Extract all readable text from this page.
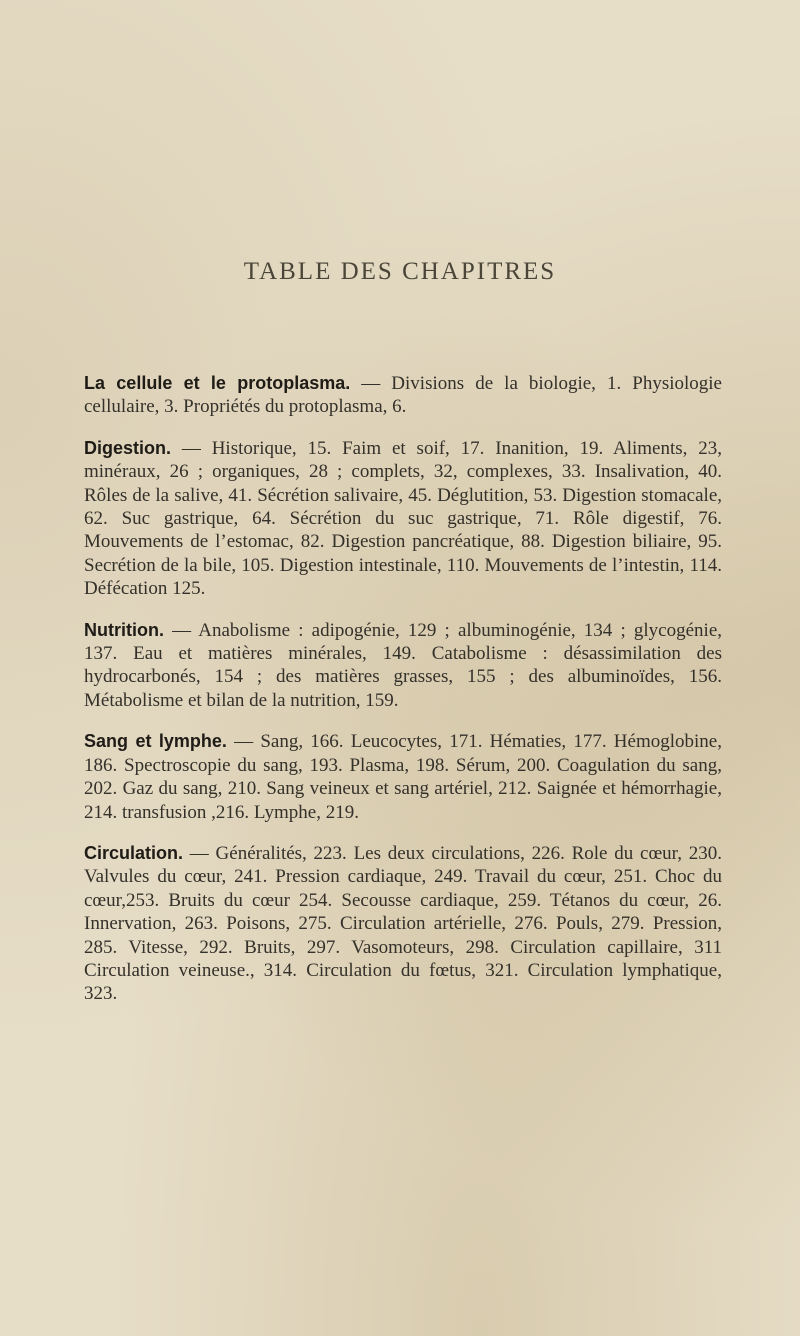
TABLE DES CHAPITRES

La cellule et le protoplasma. — Divisions de la biologie, 1. Physiologie cellulaire, 3. Propriétés du protoplasma, 6.

Digestion. — Historique, 15. Faim et soif, 17. Inanition, 19. Aliments, 23, minéraux, 26 ; organiques, 28 ; complets, 32, complexes, 33. Insalivation, 40. Rôles de la salive, 41. Sécrétion salivaire, 45. Déglutition, 53. Digestion stomacale, 62. Suc gastrique, 64. Sécrétion du suc gastrique, 71. Rôle digestif, 76. Mouvements de l’estomac, 82. Digestion pancréatique, 88. Digestion biliaire, 95. Secrétion de la bile, 105. Digestion intestinale, 110. Mouvements de l’intestin, 114. Défécation 125.

Nutrition. — Anabolisme : adipogénie, 129 ; albuminogénie, 134 ; glycogénie, 137. Eau et matières minérales, 149. Catabolisme : désassimilation des hydrocarbonés, 154 ; des matières grasses, 155 ; des albuminoïdes, 156. Métabolisme et bilan de la nutrition, 159.

Sang et lymphe. — Sang, 166. Leucocytes, 171. Hématies, 177. Hémoglobine, 186. Spectroscopie du sang, 193. Plasma, 198. Sérum, 200. Coagulation du sang, 202. Gaz du sang, 210. Sang veineux et sang artériel, 212. Saignée et hémorrhagie, 214. transfusion ,216. Lymphe, 219.

Circulation. — Généralités, 223. Les deux circulations, 226. Role du cœur, 230. Valvules du cœur, 241. Pression cardiaque, 249. Travail du cœur, 251. Choc du cœur,253. Bruits du cœur 254. Secousse cardiaque, 259. Tétanos du cœur, 26. Innervation, 263. Poisons, 275. Circulation artérielle, 276. Pouls, 279. Pression, 285. Vitesse, 292. Bruits, 297. Vasomoteurs, 298. Circulation capillaire, 311 Circulation veineuse., 314. Circulation du fœtus, 321. Circulation lymphatique, 323.
